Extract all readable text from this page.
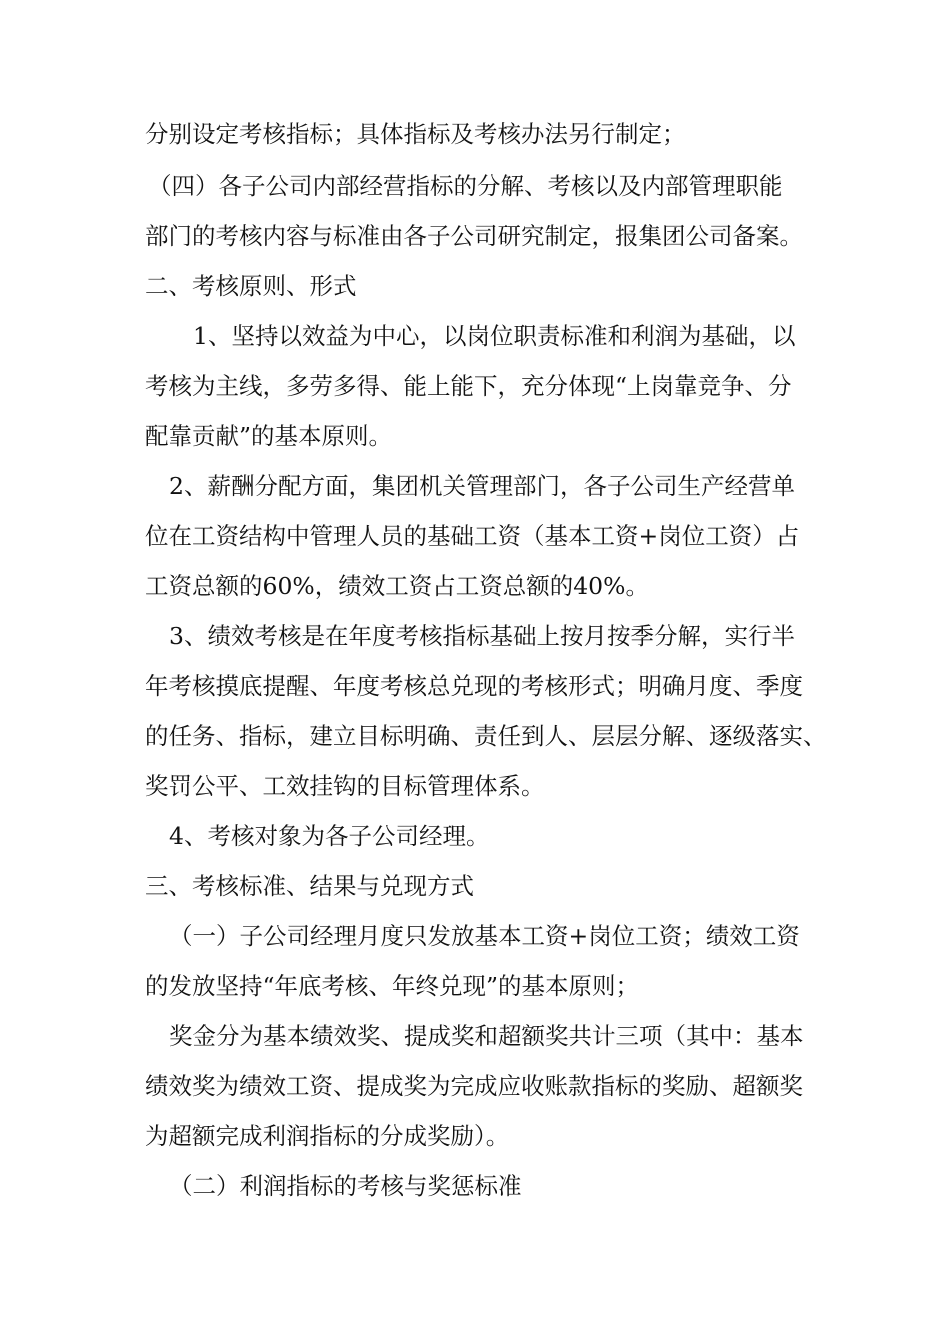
分别设定考核指标；具体指标及考核办法另行制定；
（四）各子公司内部经营指标的分解、考核以及内部管理职能
部门的考核内容与标准由各子公司研究制定，报集团公司备案。
二、考核原则、形式
1、坚持以效益为中心，以岗位职责标准和利润为基础，以
考核为主线，多劳多得、能上能下，充分体现“上岗靠竞争、分
配靠贡献”的基本原则。
2、薪酬分配方面，集团机关管理部门，各子公司生产经营单
位在工资结构中管理人员的基础工资（基本工资+岗位工资）占
工资总额的60%，绩效工资占工资总额的40%。
3、绩效考核是在年度考核指标基础上按月按季分解，实行半
年考核摸底提醒、年度考核总兑现的考核形式；明确月度、季度
的任务、指标，建立目标明确、责任到人、层层分解、逐级落实、
奖罚公平、工效挂钩的目标管理体系。
4、考核对象为各子公司经理。
三、考核标准、结果与兑现方式
（一）子公司经理月度只发放基本工资+岗位工资；绩效工资
的发放坚持“年底考核、年终兑现”的基本原则；
奖金分为基本绩效奖、提成奖和超额奖共计三项（其中：基本
绩效奖为绩效工资、提成奖为完成应收账款指标的奖励、超额奖
为超额完成利润指标的分成奖励）。
（二）利润指标的考核与奖惩标准
